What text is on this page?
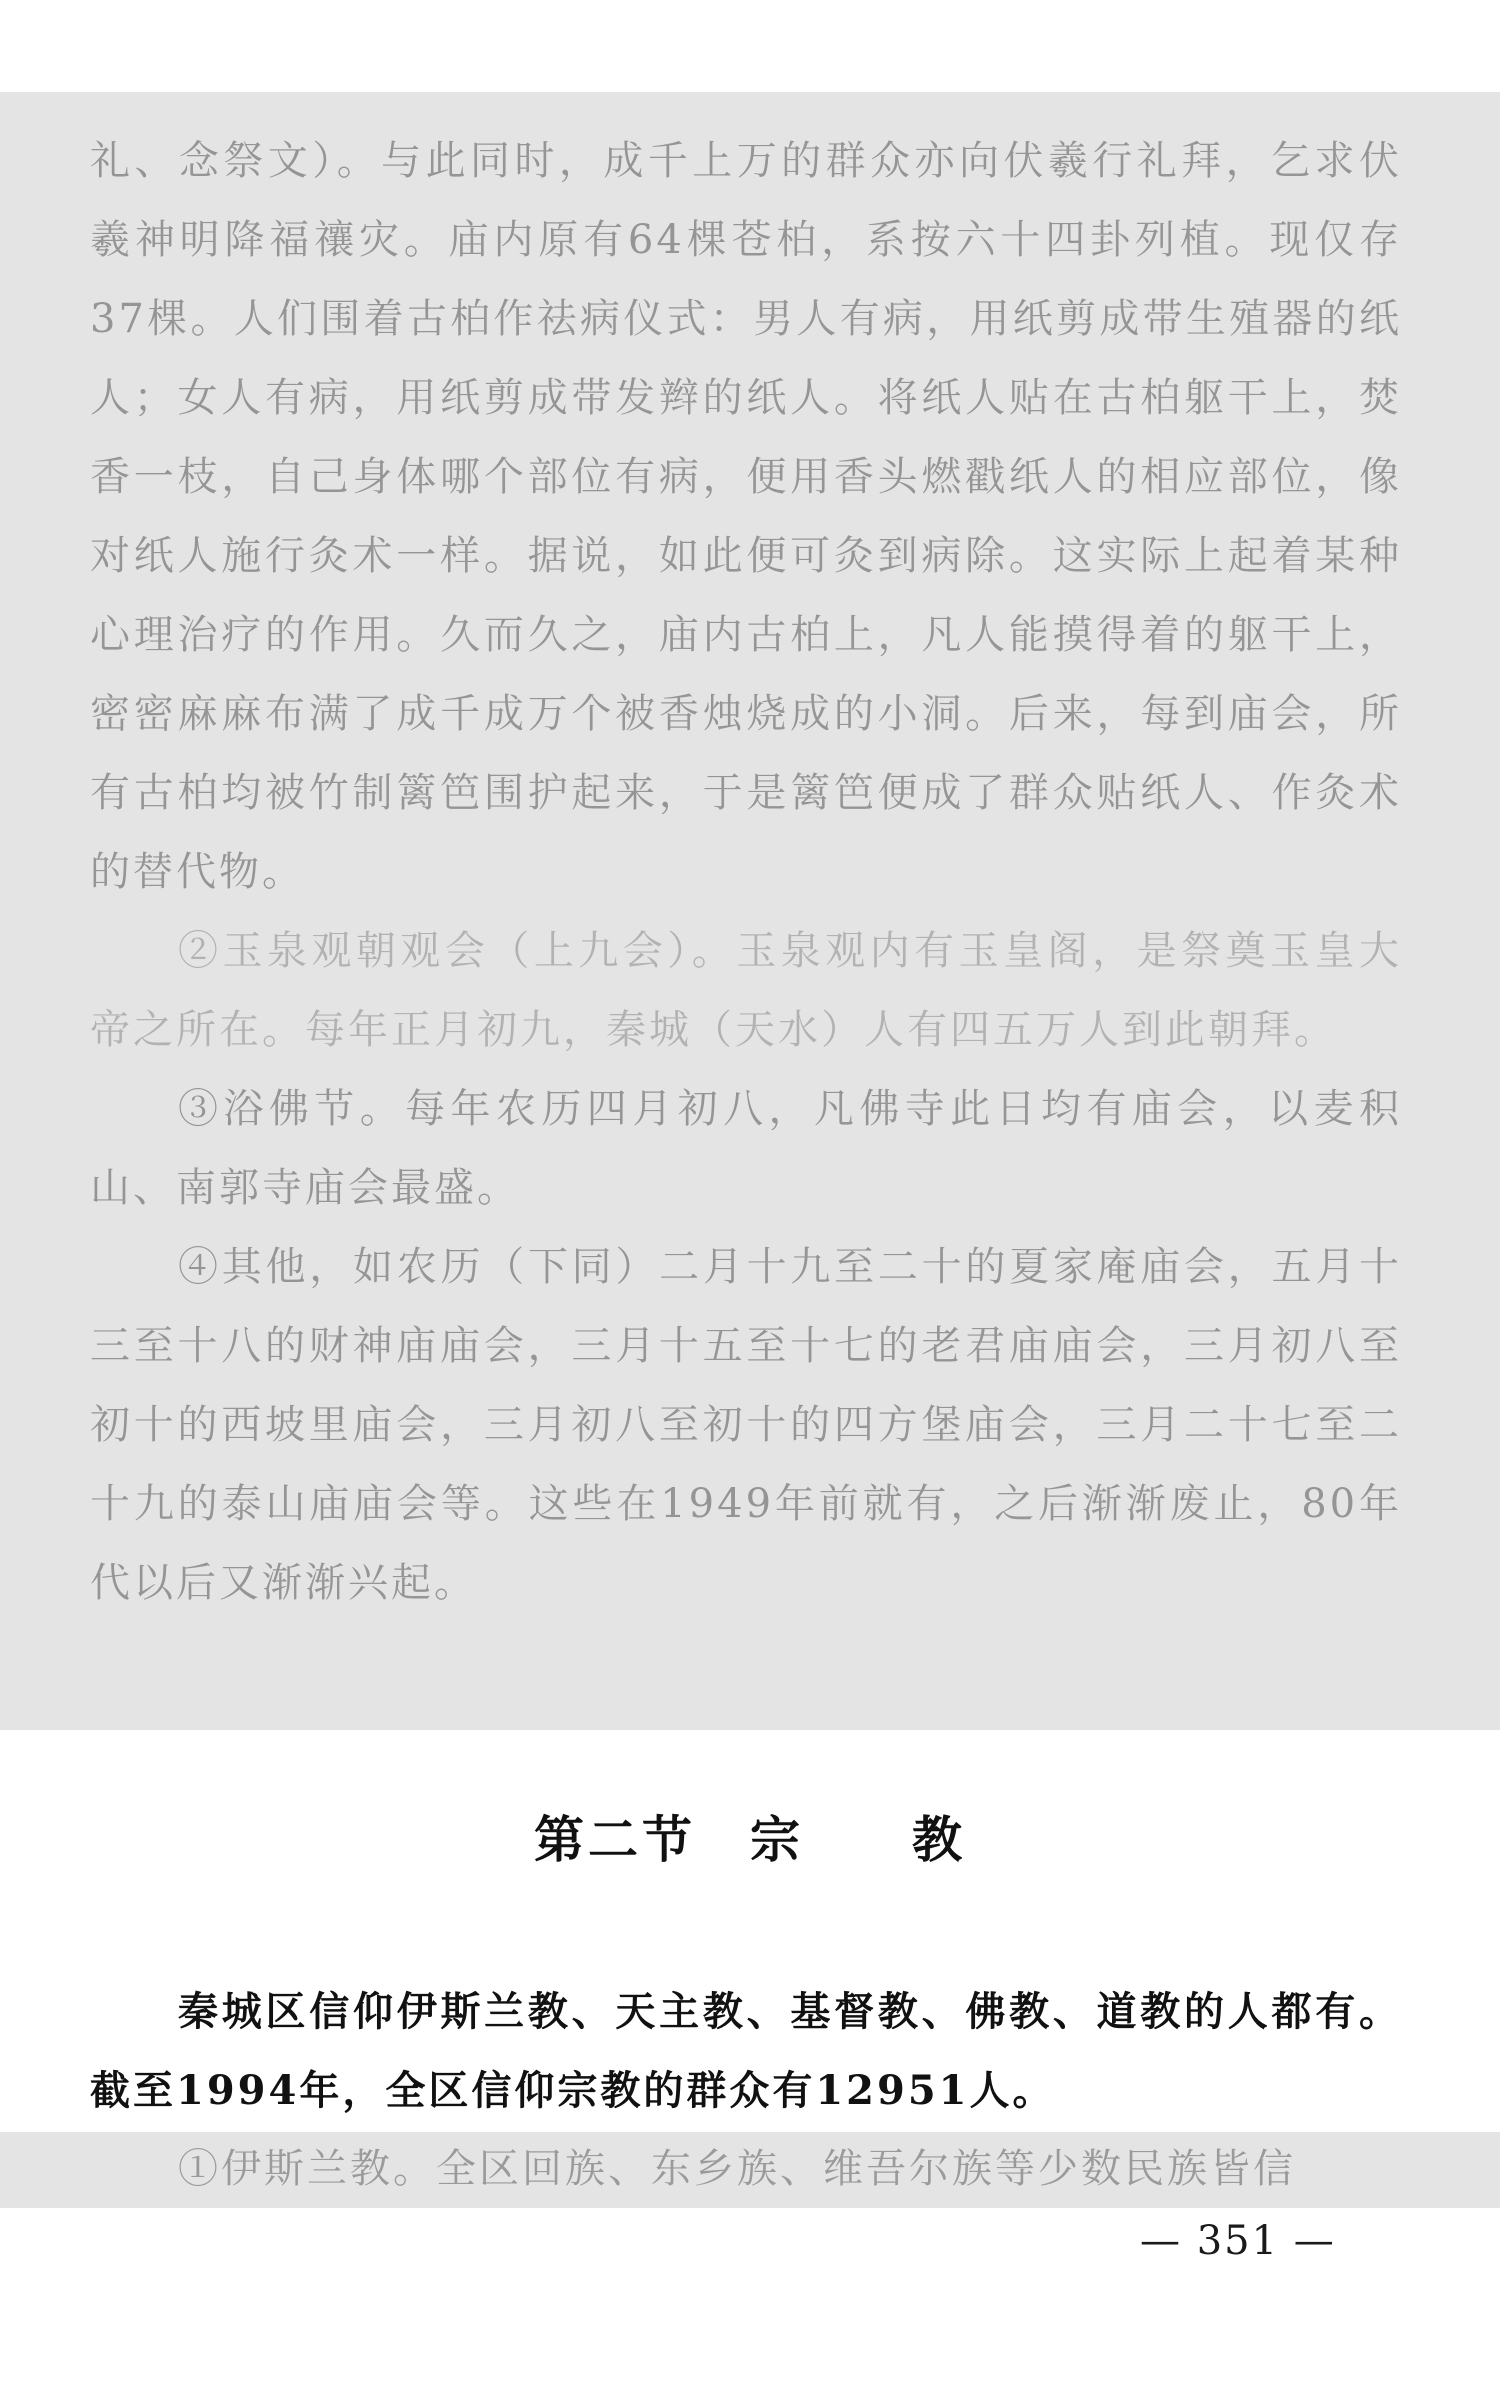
礼、念祭文）。与此同时，成千上万的群众亦向伏羲行礼拜，乞求伏羲神明降福禳灾。庙内原有64棵苍柏，系按六十四卦列植。现仅存37棵。人们围着古柏作祛病仪式：男人有病，用纸剪成带生殖器的纸人；女人有病，用纸剪成带发辫的纸人。将纸人贴在古柏躯干上，焚香一枝，自己身体哪个部位有病，便用香头燃戳纸人的相应部位，像对纸人施行灸术一样。据说，如此便可灸到病除。这实际上起着某种心理治疗的作用。久而久之，庙内古柏上，凡人能摸得着的躯干上，密密麻麻布满了成千成万个被香烛烧成的小洞。后来，每到庙会，所有古柏均被竹制篱笆围护起来，于是篱笆便成了群众贴纸人、作灸术的替代物。

②玉泉观朝观会（上九会）。玉泉观内有玉皇阁，是祭奠玉皇大帝之所在。每年正月初九，秦城（天水）人有四五万人到此朝拜。

③浴佛节。每年农历四月初八，凡佛寺此日均有庙会，以麦积山、南郭寺庙会最盛。

④其他，如农历（下同）二月十九至二十的夏家庵庙会，五月十三至十八的财神庙庙会，三月十五至十七的老君庙庙会，三月初八至初十的西坡里庙会，三月初八至初十的四方堡庙会，三月二十七至二十九的泰山庙庙会等。这些在1949年前就有，之后渐渐废止，80年代以后又渐渐兴起。

第二节　宗　　教

秦城区信仰伊斯兰教、天主教、基督教、佛教、道教的人都有。截至1994年，全区信仰宗教的群众有12951人。

①伊斯兰教。全区回族、东乡族、维吾尔族等少数民族皆信

— 351 —
